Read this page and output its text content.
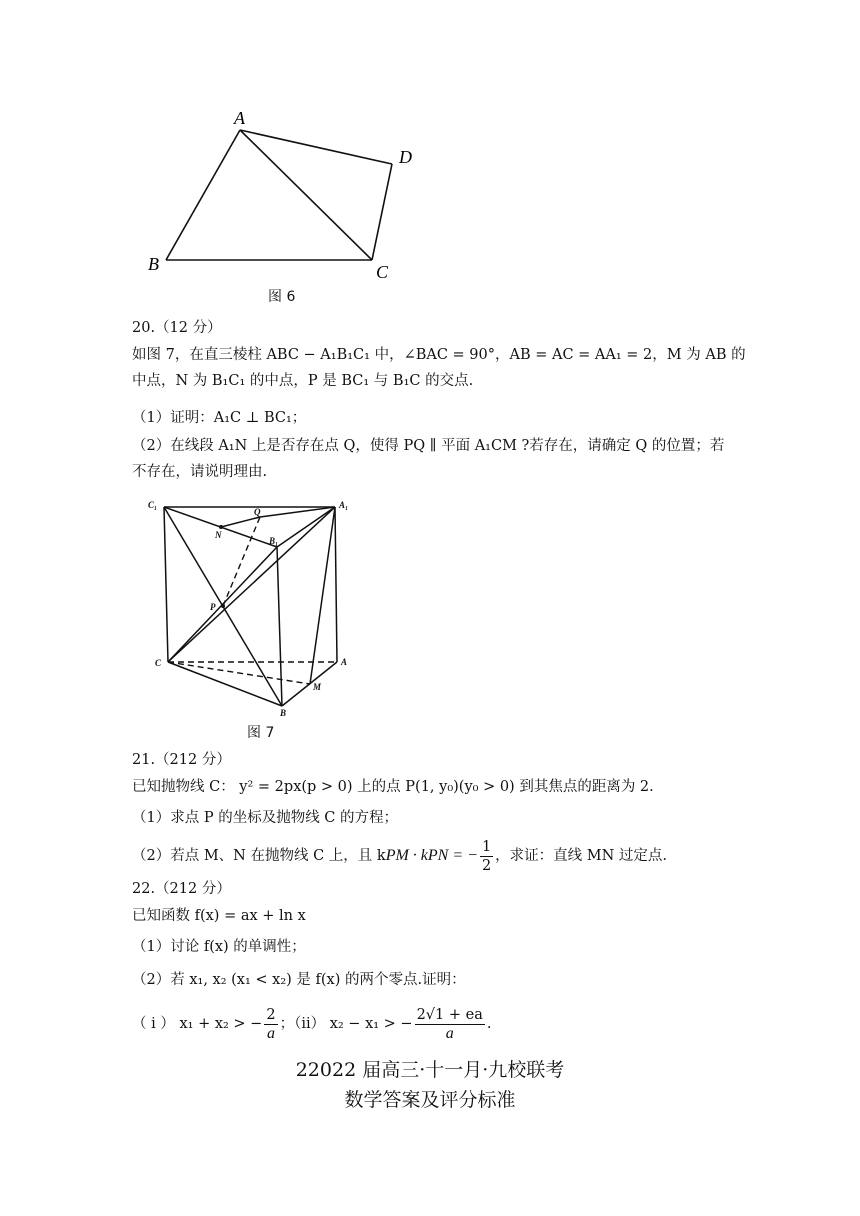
A
B	C
D
图 6
20.（12 分）
如图 7，在直三棱柱 ABC − A₁B₁C₁ 中，∠BAC = 90°，AB = AC = AA₁ = 2，M 为 AB 的
中点，N 为 B₁C₁ 的中点，P 是 BC₁ 与 B₁C 的交点.
（1）证明：A₁C ⊥ BC₁；
（2）在线段 A₁N 上是否存在点 Q，使得 PQ ∥ 平面 A₁CM ?若存在，请确定 Q 的位置；若
不存在，请说明理由.
C₁	A₁
B₁
Q
N
P
C	A
M
B
图 7
21.（212 分）
已知抛物线 C： y² = 2px(p > 0) 上的点 P(1, y₀)(y₀ > 0) 到其焦点的距离为 2.
（1）求点 P 的坐标及抛物线 C 的方程；
（2）若点 M、N 在抛物线 C 上，且 kPM · kPN = − $\frac{1}{2}$ ，求证：直线 MN 过定点.
22.（212 分）
已知函数 f(x) = ax + ln x
（1）讨论 f(x) 的单调性；
（2）若 x₁, x₂ (x₁ < x₂) 是 f(x) 的两个零点.证明：
（ i ） x₁ + x₂ > − $\frac{2}{a}$ ；（ii） x₂ − x₁ > − $\frac{2√1 + ea}{a}$ .
22022 届高三·十一月·九校联考
数学答案及评分标准
